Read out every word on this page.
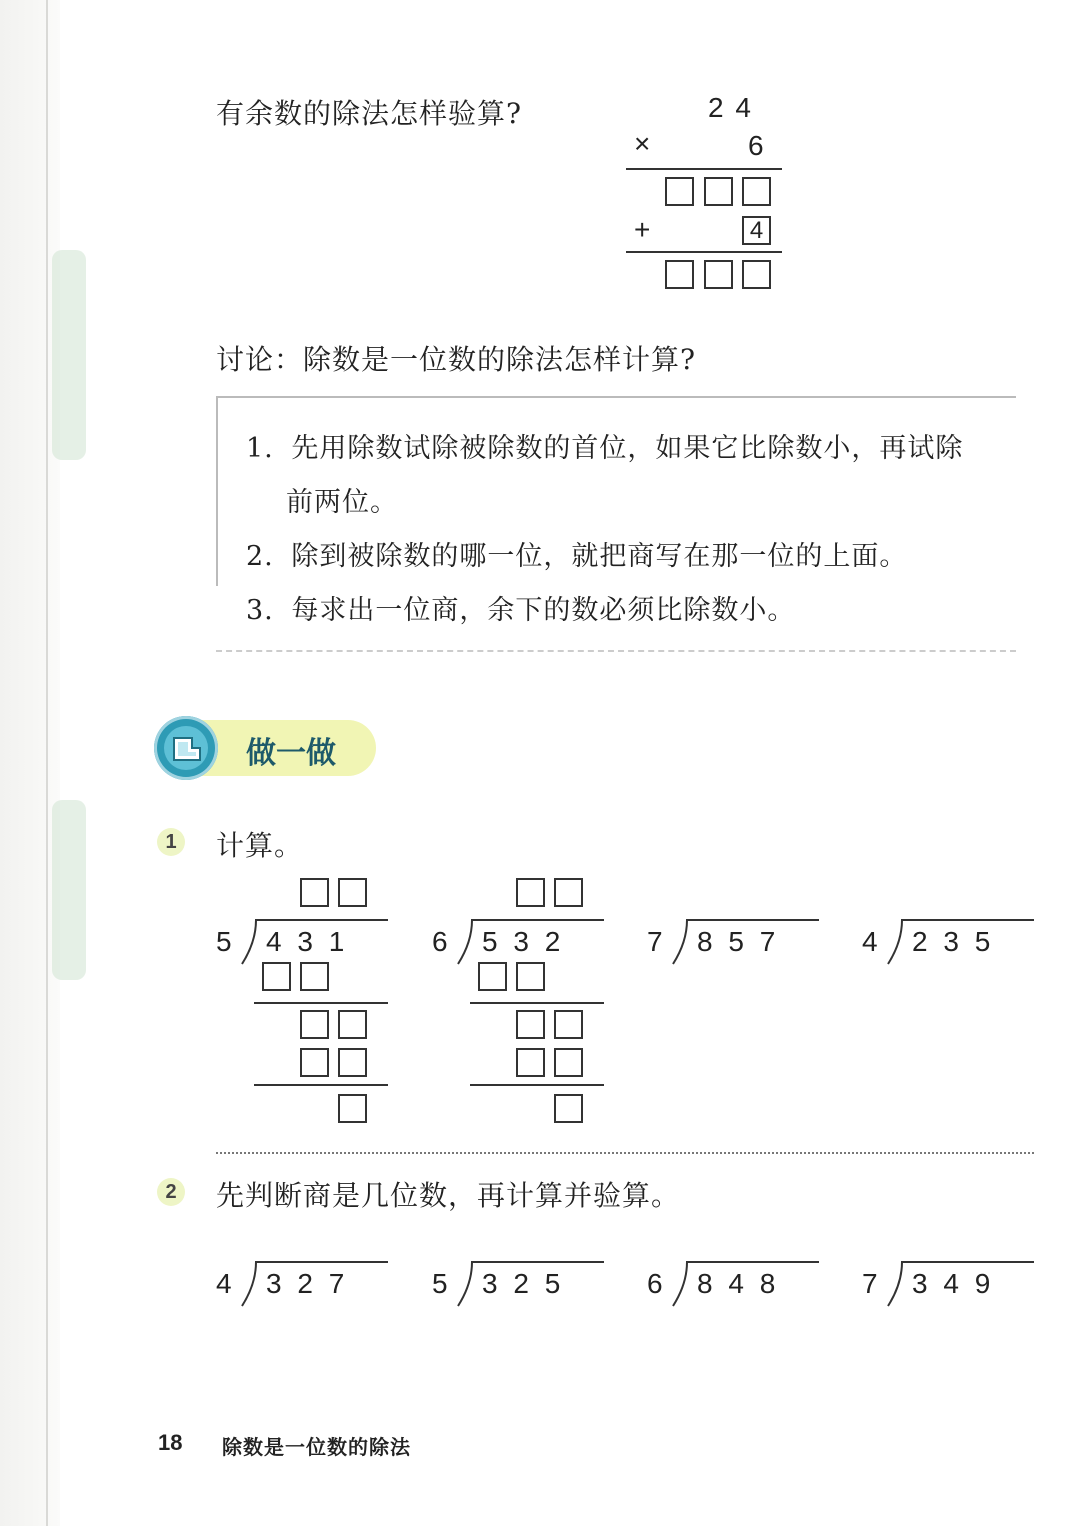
有余数的除法怎样验算?	2 4
×	6
+	4
讨论：除数是一位数的除法怎样计算?
1. 先用除数试除被除数的首位，如果它比除数小，再试除
前两位。
2. 除到被除数的哪一位，就把商写在那一位的上面。
3. 每求出一位商，余下的数必须比除数小。
做一做
1	计算。
5 4 3 1	6 5 3 2	7 8 5 7	4 2 3 5
2	先判断商是几位数，再计算并验算。
4 3 2 7	5 3 2 5	6 8 4 8	7 3 4 9
18 除数是一位数的除法
